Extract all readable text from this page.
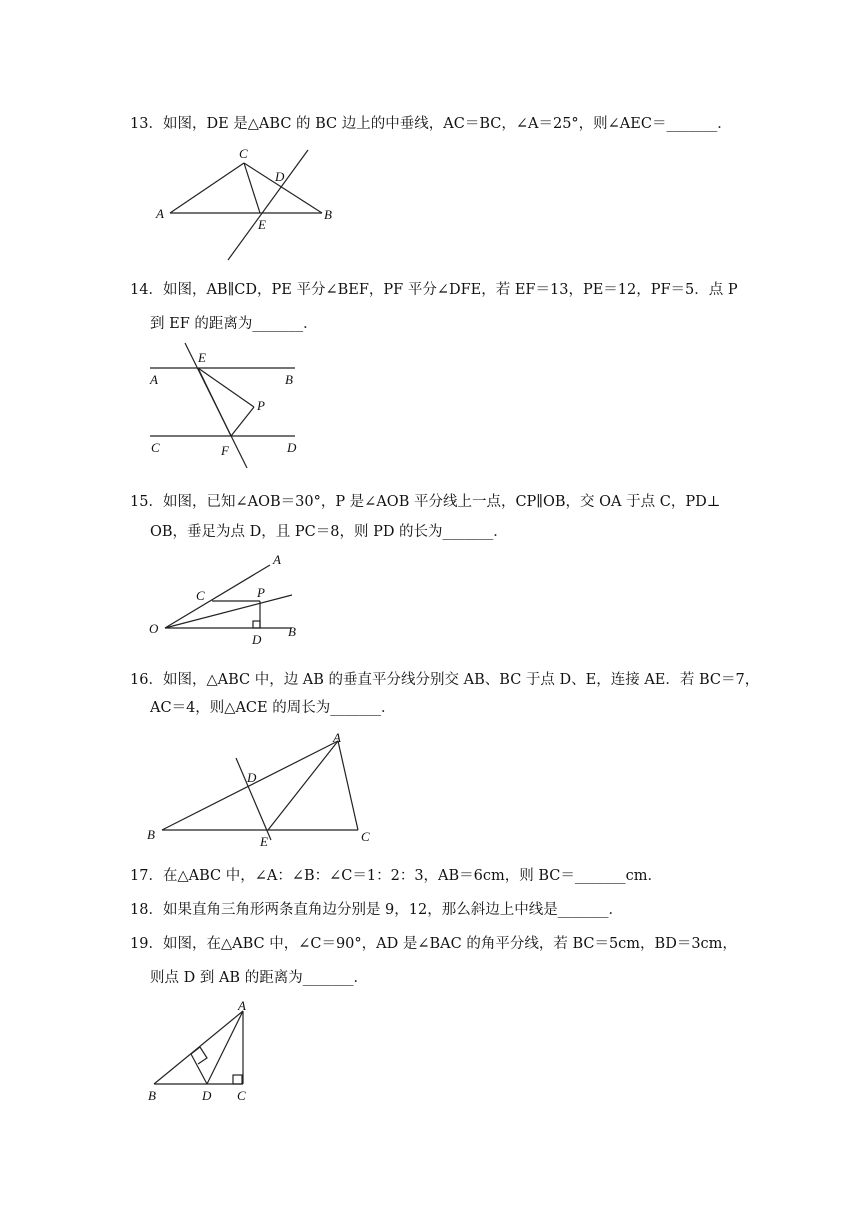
13．如图，DE 是△ABC 的 BC 边上的中垂线，AC＝BC，∠A＝25°，则∠AEC＝_______．
C
D
A
E
B
14．如图，AB∥CD，PE 平分∠BEF，PF 平分∠DFE，若 EF＝13，PE＝12，PF＝5．点 P
到 EF 的距离为_______．
E
A	B
P
C	F	D
15．如图，已知∠AOB＝30°，P 是∠AOB 平分线上一点，CP∥OB，交 OA 于点 C，PD⊥
OB，垂足为点 D，且 PC＝8，则 PD 的长为_______．
A
C	P
O
D
B
16．如图，△ABC 中，边 AB 的垂直平分线分别交 AB、BC 于点 D、E，连接 AE．若 BC＝7，
AC＝4，则△ACE 的周长为_______．
A
D
B	E	C
17．在△ABC 中，∠A：∠B：∠C＝1：2：3，AB＝6cm，则 BC＝_______cm．
18．如果直角三角形两条直角边分别是 9，12，那么斜边上中线是_______．
19．如图，在△ABC 中，∠C＝90°，AD 是∠BAC 的角平分线，若 BC＝5cm，BD＝3cm，
则点 D 到 AB 的距离为_______．
A
B	D C
